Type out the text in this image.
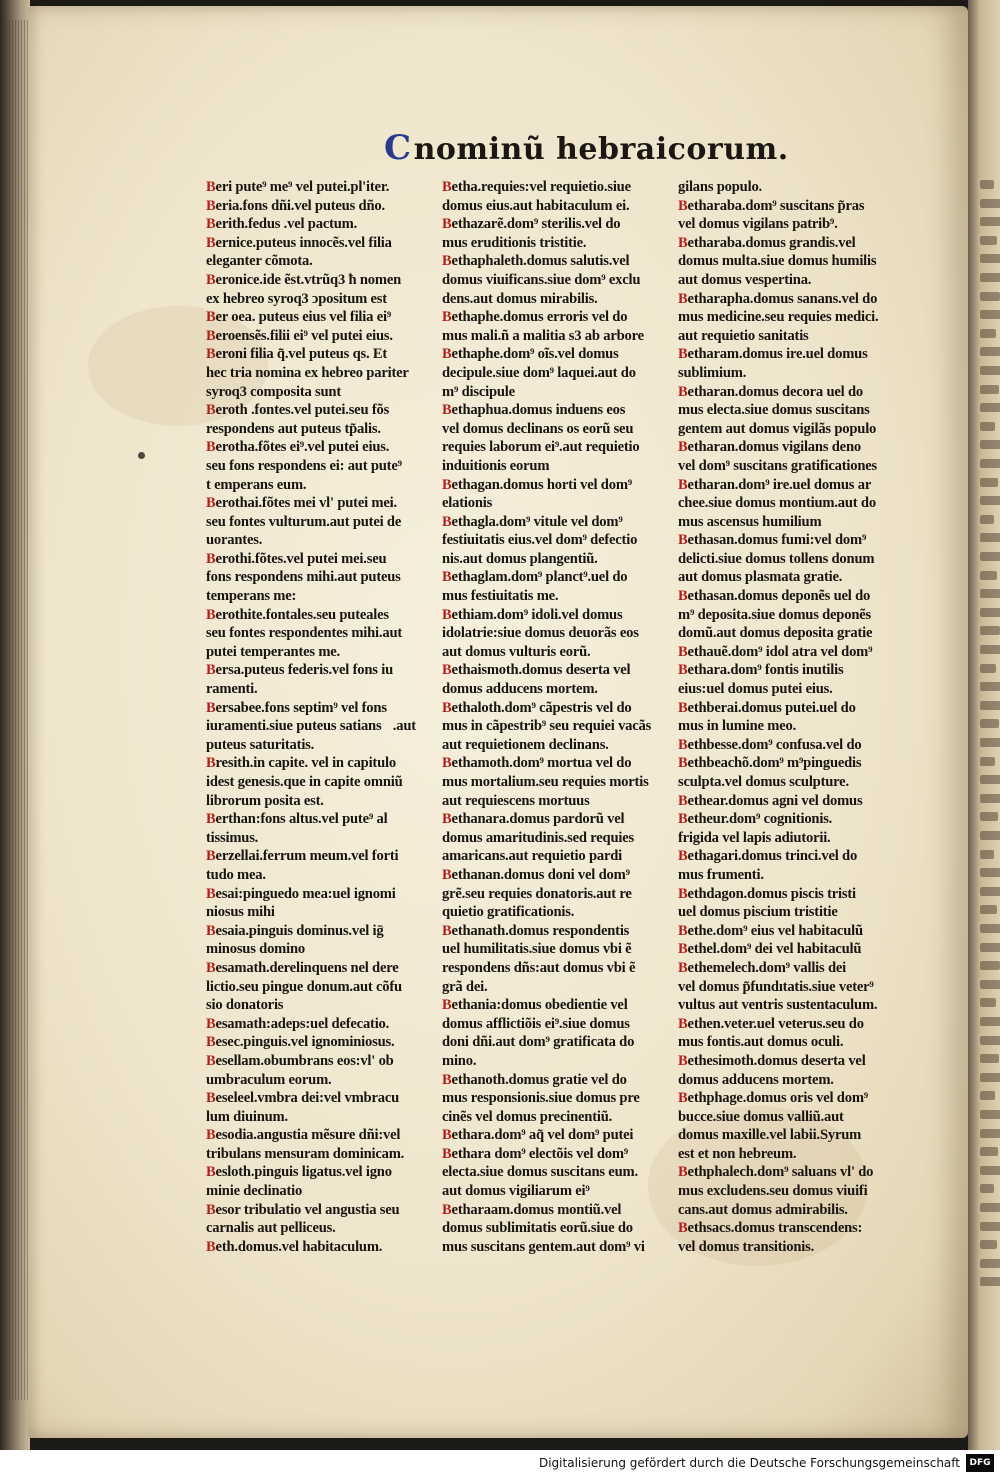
Cnominũ hebraicorum.
Beri pute⁹ me⁹ vel putei.pl'iter.
Beria.fons dñi.vel puteus dño.
Berith.fedus .vel pactum.
Bernice.puteus innocẽs.vel filia
eleganter cõmota.
Beronice.ide ẽst.vtrũq3 ħ nomen
ex hebreo syroq3 ↄpositum est
Ber oea. puteus eius vel filia ei⁹
Beroensẽs.filii ei⁹ vel putei eius.
Beroni filia q̃.vel puteus qs. Et
hec tria nomina ex hebreo pariter
syroq3 composita sunt
Beroth .fontes.vel putei.seu fõs
respondens aut puteus tp̃alis.
Berotha.fõtes ei⁹.vel putei eius.
seu fons respondens ei: aut pute⁹
t emperans eum.
Berothai.fõtes mei vl' putei mei.
seu fontes vulturum.aut putei de
uorantes.
Berothi.fõtes.vel putei mei.seu
fons respondens mihi.aut puteus
temperans me:
Berothite.fontales.seu puteales
seu fontes respondentes mihi.aut
putei temperantes me.
Bersa.puteus federis.vel fons iu
ramenti.
Bersabee.fons septim⁹ vel fons
iuramenti.siue puteus satiansᷓ.aut
puteus saturitatis.
Bresith.in capite. vel in capitulo
idest genesis.que in capite omniũ
librorum posita est.
Berthan:fons altus.vel pute⁹ al
tissimus.
Berzellai.ferrum meum.vel forti
tudo mea.
Besai:pinguedo mea:uel ignomi
niosus mihi
Besaia.pinguis dominus.vel iḡ
minosus domino
Besamath.derelinquens nel dere
lictio.seu pingue donum.aut cõfu
sio donatoris
Besamath:adeps:uel defecatio.
Besec.pinguis.vel ignominiosus.
Besellam.obumbrans eos:vl' ob
umbraculum eorum.
Beseleel.vmbra dei:vel vmbracu
lum diuinum.
Besodia.angustia mẽsure dñi:vel
tribulans mensuram dominicam.
Besloth.pinguis ligatus.vel igno
minie declinatio
Besor tribulatio vel angustia seu
carnalis aut pelliceus.
Beth.domus.vel habitaculum.
Betha.requies:vel requietio.siue
domus eius.aut habitaculum ei.
Bethazarẽ.dom⁹ sterilis.vel do
mus eruditionis tristitie.
Bethaphaleth.domus salutis.vel
domus viuificans.siue dom⁹ exclu
dens.aut domus mirabilis.
Bethaphe.domus erroris vel do
mus mali.ñ a malitia s3 ab arbore
Bethaphe.dom⁹ oĩs.vel domus
decipule.siue dom⁹ laquei.aut do
m⁹ discipule
Bethaphua.domus induens eos
vel domus declinans os eorũ seu
requies laborum ei⁹.aut requietio
induitionis eorum
Bethagan.domus horti vel dom⁹
elationis
Bethagla.dom⁹ vitule vel dom⁹
festiuitatis eius.vel dom⁹ defectio
nis.aut domus plangentiũ.
Bethaglam.dom⁹ planct⁹.uel do
mus festiuitatis me.
Bethiam.dom⁹ idoli.vel domus
idolatrie:siue domus deuorãs eos
aut domus vulturis eorũ.
Bethaismoth.domus deserta vel
domus adducens mortem.
Bethaloth.dom⁹ cãpestris vel do
mus in cãpestrib⁹ seu requiei vacãs
aut requietionem declinans.
Bethamoth.dom⁹ mortua vel do
mus mortalium.seu requies mortis
aut requiescens mortuus
Bethanara.domus pardorũ vel
domus amaritudinis.sed requies
amaricans.aut requietio pardi
Bethanan.domus doni vel dom⁹
grẽ.seu requies donatoris.aut re
quietio gratificationis.
Bethanath.domus respondentis
uel humilitatis.siue domus vbi ẽ
respondens dñs:aut domus vbi ẽ
grã dei.
Bethania:domus obedientie vel
domus afflictiõis ei⁹.siue domus
doni dñi.aut dom⁹ gratificata do
mino.
Bethanoth.domus gratie vel do
mus responsionis.siue domus pre
cinẽs vel domus precinentiũ.
Bethara.dom⁹ aq̃ vel dom⁹ putei
Bethara dom⁹ electõis vel dom⁹
electa.siue domus suscitans eum.
aut domus vigiliarum ei⁹
Betharaam.domus montiũ.vel
domus sublimitatis eorũ.siue do
mus suscitans gentem.aut dom⁹ vi
gilans populo.
Betharaba.dom⁹ suscitans p̃ras
vel domus vigilans patrib⁹.
Betharaba.domus grandis.vel
domus multa.siue domus humilis
aut domus vespertina.
Betharapha.domus sanans.vel do
mus medicine.seu requies medici.
aut requietio sanitatis
Betharam.domus ire.uel domus
sublimium.
Betharan.domus decora uel do
mus electa.siue domus suscitans
gentem aut domus vigilãs populo
Betharan.domus vigilans deno
vel dom⁹ suscitans gratificationes
Betharan.dom⁹ ire.uel domus ar
chee.siue domus montium.aut do
mus ascensus humilium
Bethasan.domus fumi:vel dom⁹
delicti.siue domus tollens donum
aut domus plasmata gratie.
Bethasan.domus deponẽs uel do
m⁹ deposita.siue domus deponẽs
domũ.aut domus deposita gratie
Bethauẽ.dom⁹ idol atra vel dom⁹
Bethara.dom⁹ fontis inutilis
eius:uel domus putei eius.
Bethberai.domus putei.uel do
mus in lumine meo.
Bethbesse.dom⁹ confusa.vel do
Bethbeachõ.dom⁹ m⁹pinguedis
sculpta.vel domus sculpture.
Bethear.domus agni vel domus
Betheur.dom⁹ cognitionis.
frigida vel lapis adiutorii.
Bethagari.domus trinci.vel do
mus frumenti.
Bethdagon.domus piscis tristi
uel domus piscium tristitie
Bethe.dom⁹ eius vel habitaculũ
Bethel.dom⁹ dei vel habitaculũ
Bethemelech.dom⁹ vallis dei
vel domus p̃fundıtatis.siue veter⁹
vultus aut ventris sustentaculum.
Bethen.veter.uel veterus.seu do
mus fontis.aut domus oculi.
Bethesimoth.domus deserta vel
domus adducens mortem.
Bethphage.domus oris vel dom⁹
bucce.siue domus valliũ.aut
domus maxille.vel labii.Syrum
est et non hebreum.
Bethphalech.dom⁹ saluans vl' do
mus excludens.seu domus viuifi
cans.aut domus admirabilis.
Bethsacs.domus transcendens:
vel domus transitionis.
Digitalisierung gefördert durch die Deutsche Forschungsgemeinschaft	DFG
